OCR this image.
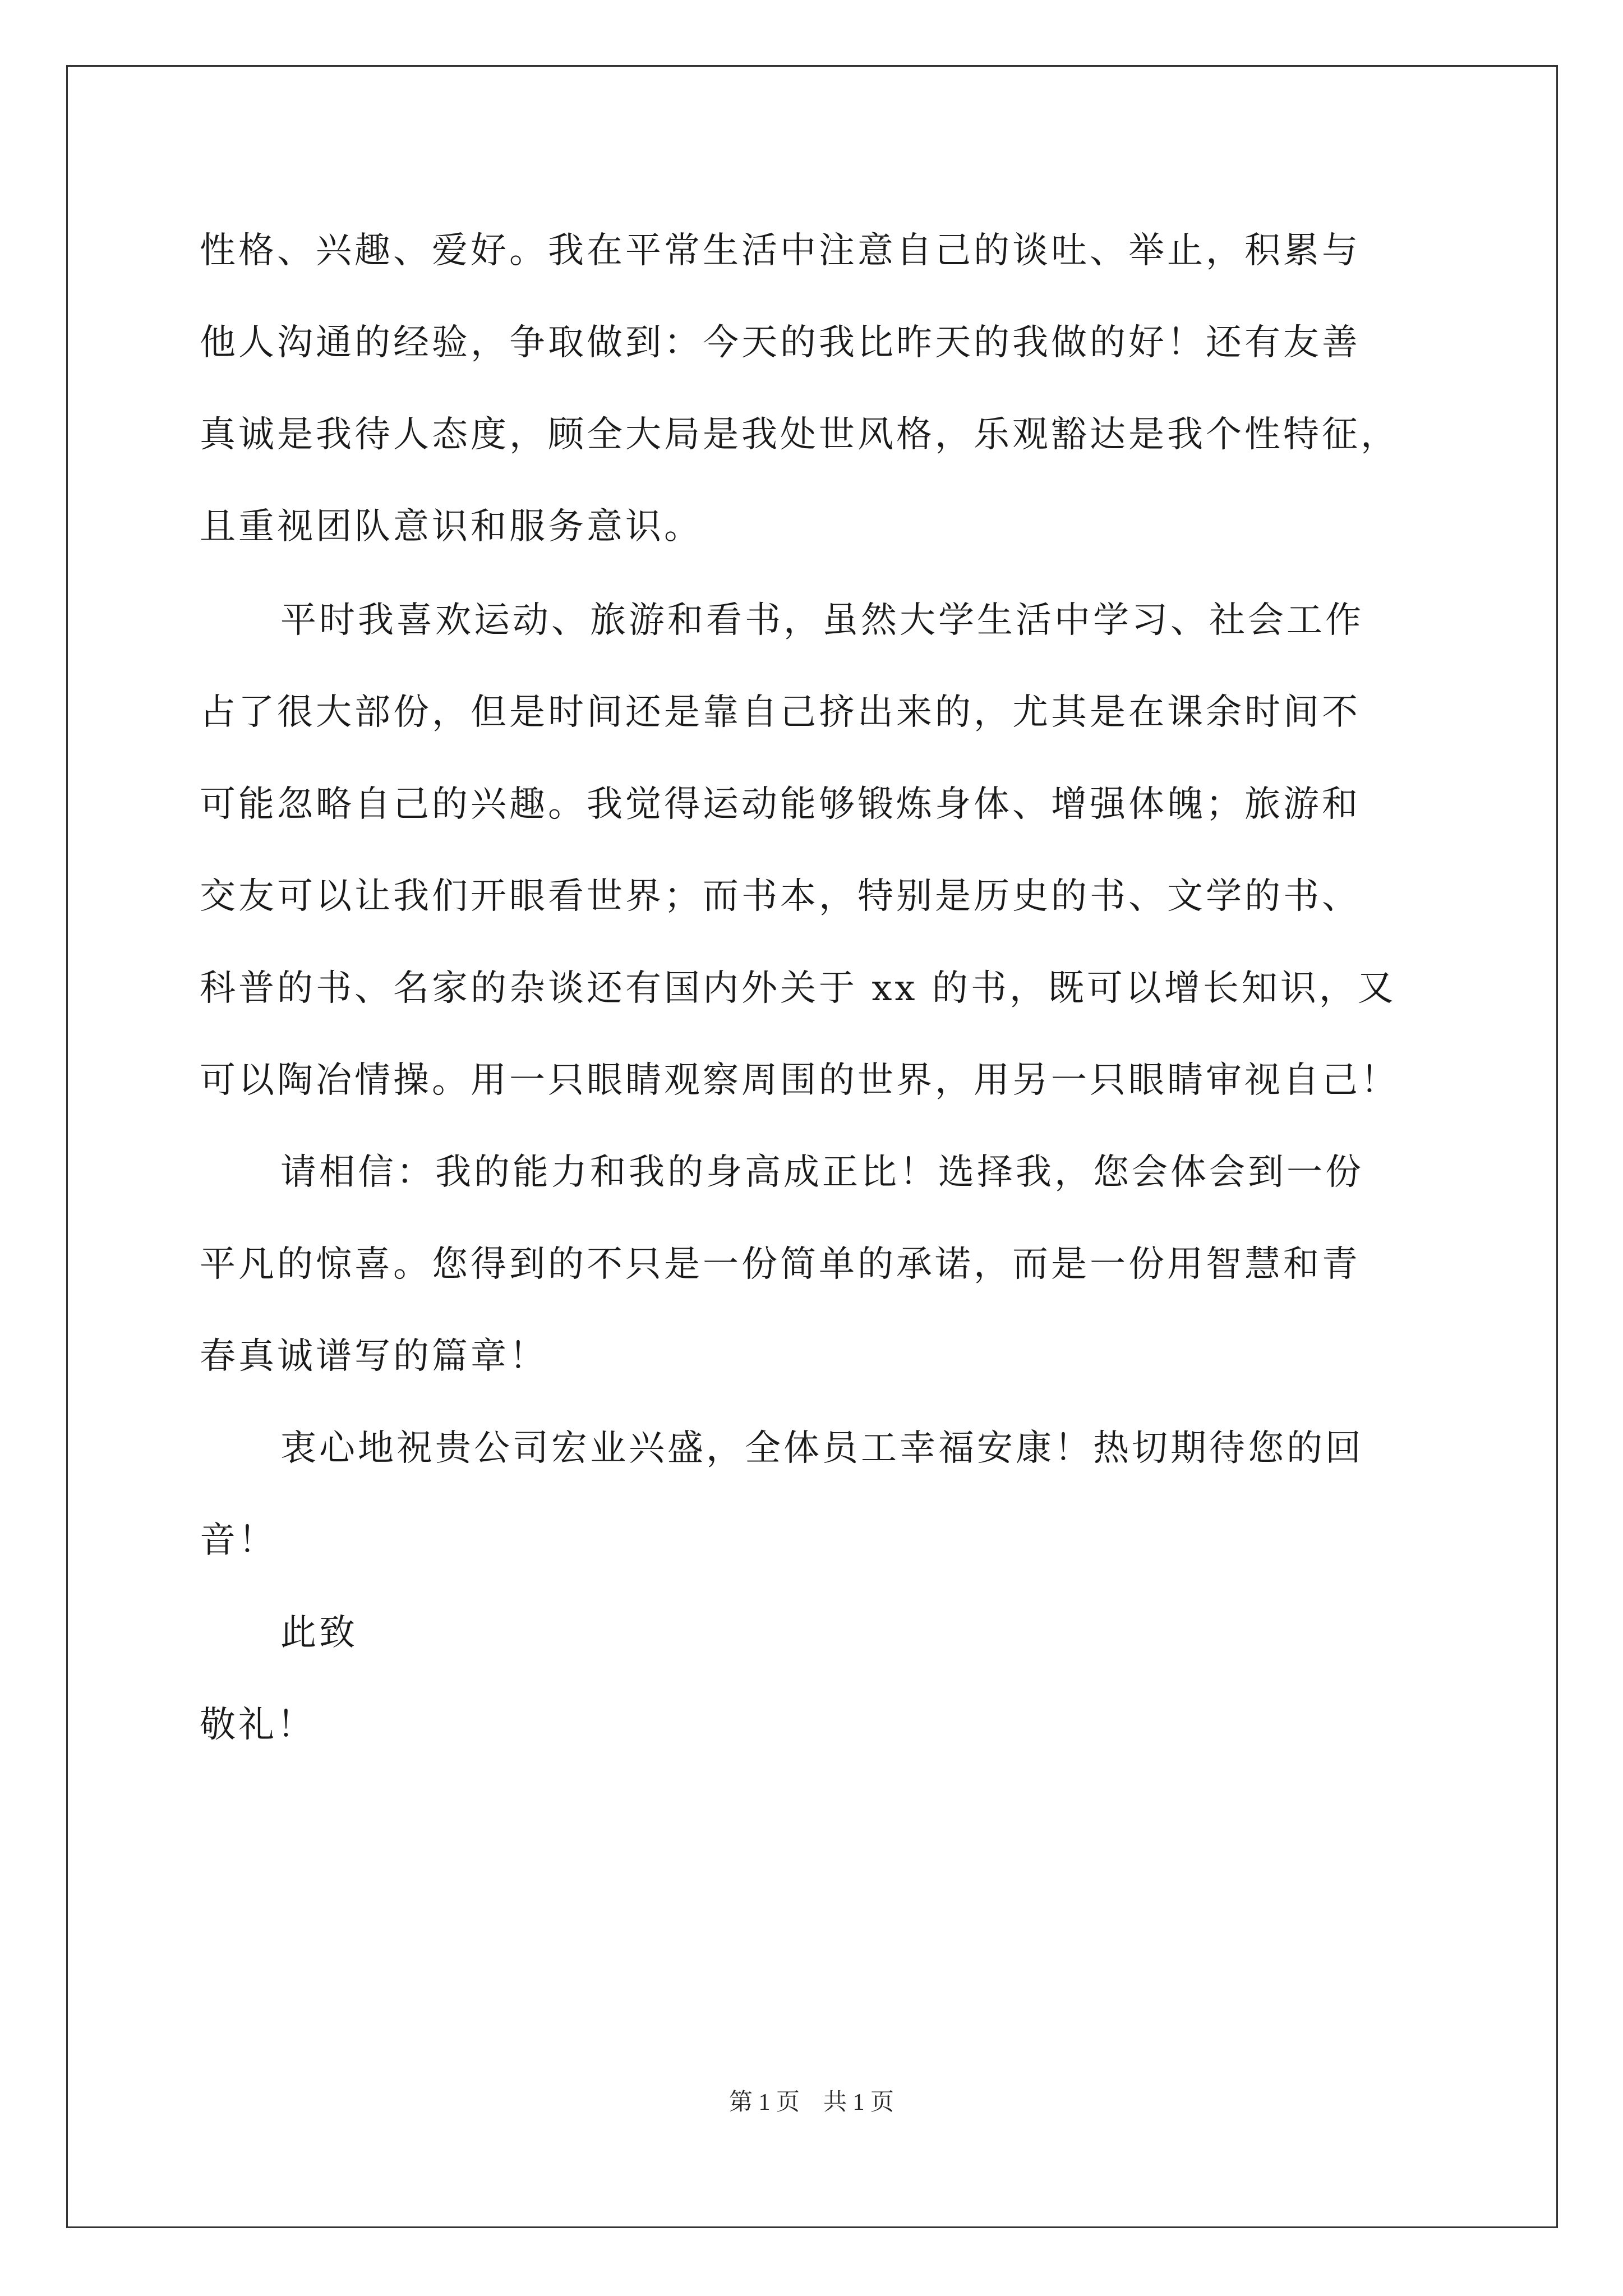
性格、兴趣、爱好。我在平常生活中注意自己的谈吐、举止，积累与
他人沟通的经验，争取做到：今天的我比昨天的我做的好！还有友善
真诚是我待人态度，顾全大局是我处世风格，乐观豁达是我个性特征，
且重视团队意识和服务意识。
平时我喜欢运动、旅游和看书，虽然大学生活中学习、社会工作
占了很大部份，但是时间还是靠自己挤出来的，尤其是在课余时间不
可能忽略自己的兴趣。我觉得运动能够锻炼身体、增强体魄；旅游和
交友可以让我们开眼看世界；而书本，特别是历史的书、文学的书、
科普的书、名家的杂谈还有国内外关于 xx 的书，既可以增长知识，又
可以陶冶情操。用一只眼睛观察周围的世界，用另一只眼睛审视自己！
请相信：我的能力和我的身高成正比！选择我，您会体会到一份
平凡的惊喜。您得到的不只是一份简单的承诺，而是一份用智慧和青
春真诚谱写的篇章！
衷心地祝贵公司宏业兴盛，全体员工幸福安康！热切期待您的回
音！
此致
敬礼！
第 1 页　共 1 页
